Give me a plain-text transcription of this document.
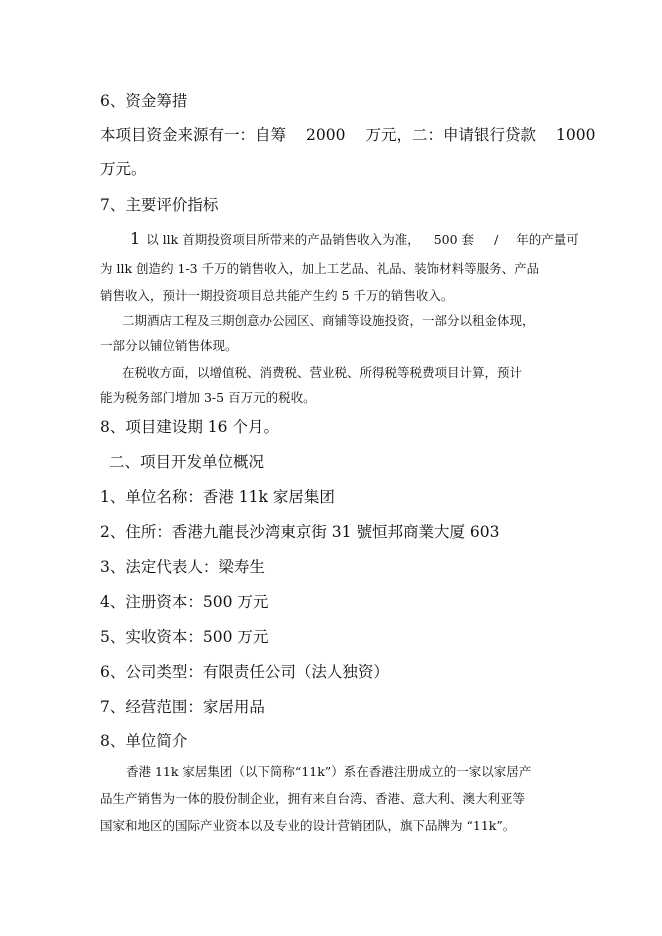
6、资金筹措

本项目资金来源有一：自筹 2000 万元，二：申请银行贷款 1000

万元。

7、主要评价指标

1 以 llk 首期投资项目所带来的产品销售收入为准， 500 套 / 年的产量可

为 llk 创造约 1-3 千万的销售收入，加上工艺品、礼品、装饰材料等服务、产品

销售收入，预计一期投资项目总共能产生约 5 千万的销售收入。

二期酒店工程及三期创意办公园区、商铺等设施投资，一部分以租金体现，

一部分以铺位销售体现。

在税收方面，以增值税、消费税、营业税、所得税等税费项目计算，预计

能为税务部门增加 3-5 百万元的税收。

8、项目建设期 16 个月。

二、项目开发单位概况

1、单位名称：香港 11k 家居集团

2、住所：香港九龍長沙湾東京街 31 號恒邦商業大厦 603

3、法定代表人：梁寿生

4、注册资本：500 万元

5、实收资本：500 万元

6、公司类型：有限责任公司（法人独资）

7、经营范围：家居用品

8、单位简介

香港 11k 家居集团（以下简称“11k”）系在香港注册成立的一家以家居产

品生产销售为一体的股份制企业，拥有来自台湾、香港、意大利、澳大利亚等

国家和地区的国际产业资本以及专业的设计营销团队，旗下品牌为 “11k”。
